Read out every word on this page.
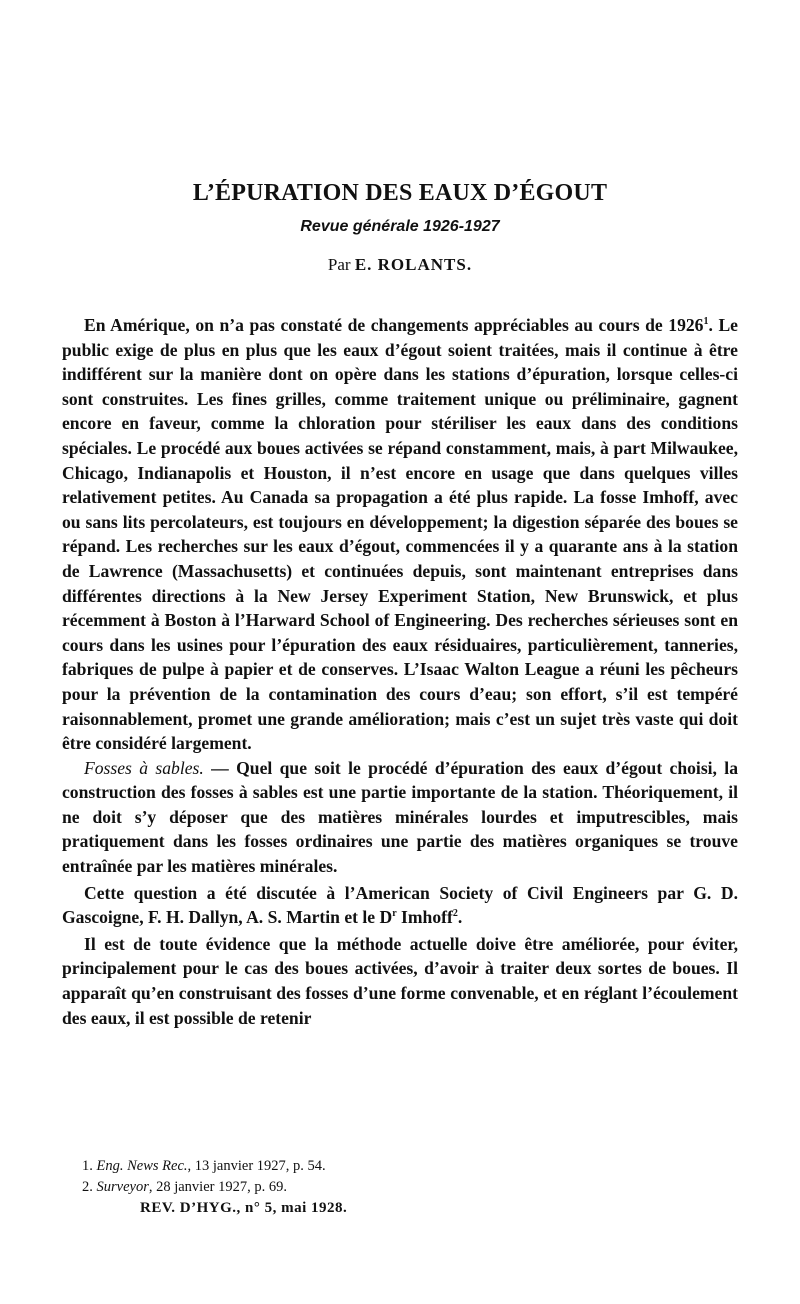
L’ÉPURATION DES EAUX D’ÉGOUT
Revue générale 1926-1927
Par E. ROLANTS.

En Amérique, on n’a pas constaté de changements appréciables au cours de 1926$^1$. Le public exige de plus en plus que les eaux d’égout soient traitées, mais il continue à être indifférent sur la manière dont on opère dans les stations d’épuration, lorsque celles-ci sont construites. Les fines grilles, comme traitement unique ou préliminaire, gagnent encore en faveur, comme la chloration pour stériliser les eaux dans des conditions spéciales. Le procédé aux boues activées se répand constamment, mais, à part Milwaukee, Chicago, Indianapolis et Houston, il n’est encore en usage que dans quelques villes relativement petites. Au Canada sa propagation a été plus rapide. La fosse Imhoff, avec ou sans lits percolateurs, est toujours en développement; la digestion séparée des boues se répand. Les recherches sur les eaux d’égout, commencées il y a quarante ans à la station de Lawrence (Massachusetts) et continuées depuis, sont maintenant entreprises dans différentes directions à la New Jersey Experiment Station, New Brunswick, et plus récemment à Boston à l’Harward School of Engineering. Des recherches sérieuses sont en cours dans les usines pour l’épuration des eaux résiduaires, particulièrement, tanneries, fabriques de pulpe à papier et de conserves. L’Isaac Walton League a réuni les pêcheurs pour la prévention de la contamination des cours d’eau; son effort, s’il est tempéré raisonnablement, promet une grande amélioration; mais c’est un sujet très vaste qui doit être considéré largement.

Fosses à sables. — Quel que soit le procédé d’épuration des eaux d’égout choisi, la construction des fosses à sables est une partie importante de la station. Théoriquement, il ne doit s’y déposer que des matières minérales lourdes et imputrescibles, mais pratiquement dans les fosses ordinaires une partie des matières organiques se trouve entraînée par les matières minérales.

Cette question a été discutée à l’American Society of Civil Engineers par G. D. Gascoigne, F. H. Dallyn, A. S. Martin et le $D^r$ Imhoff$^2$.

Il est de toute évidence que la méthode actuelle doive être améliorée, pour éviter, principalement pour le cas des boues activées, d’avoir à traiter deux sortes de boues. Il apparaît qu’en construisant des fosses d’une forme convenable, et en réglant l’écoulement des eaux, il est possible de retenir

1. Eng. News Rec., 13 janvier 1927, p. 54.

2. Surveyor, 28 janvier 1927, p. 69.

REV. D’HYG., n° 5, mai 1928.
